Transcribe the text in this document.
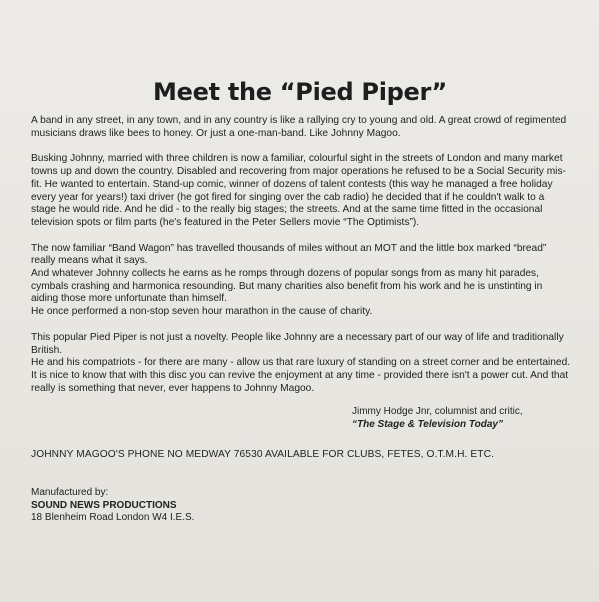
Meet the “Pied Piper”

A band in any street, in any town, and in any country is like a rallying cry to young and old. A great crowd of regimented musicians draws like bees to honey. Or just a one-man-band. Like Johnny Magoo.

Busking Johnny, married with three children is now a familiar, colourful sight in the streets of London and many market towns up and down the country. Disabled and recovering from major operations he refused to be a Social Security mis-fit. He wanted to entertain. Stand-up comic, winner of dozens of talent contests (this way he managed a free holiday every year for years!) taxi driver (he got fired for singing over the cab radio) he decided that if he couldn't walk to a stage he would ride. And he did - to the really big stages; the streets. And at the same time fitted in the occasional television spots or film parts (he's featured in the Peter Sellers movie “The Optimists”).

The now familiar “Band Wagon” has travelled thousands of miles without an MOT and the little box marked “bread” really means what it says.

And whatever Johnny collects he earns as he romps through dozens of popular songs from as many hit parades, cymbals crashing and harmonica resounding. But many charities also benefit from his work and he is unstinting in aiding those more unfortunate than himself.

He once performed a non-stop seven hour marathon in the cause of charity.

This popular Pied Piper is not just a novelty. People like Johnny are a necessary part of our way of life and traditionally British.

He and his compatriots - for there are many - allow us that rare luxury of standing on a street corner and be entertained. It is nice to know that with this disc you can revive the enjoyment at any time - provided there isn't a power cut. And that really is something that never, ever happens to Johnny Magoo.

Jimmy Hodge Jnr, columnist and critic,
“The Stage & Television Today”
JOHNNY MAGOO'S PHONE NO MEDWAY 76530 AVAILABLE FOR CLUBS, FETES, O.T.M.H. ETC.
Manufactured by:
SOUND NEWS PRODUCTIONS
18 Blenheim Road London W4 I.E.S.
